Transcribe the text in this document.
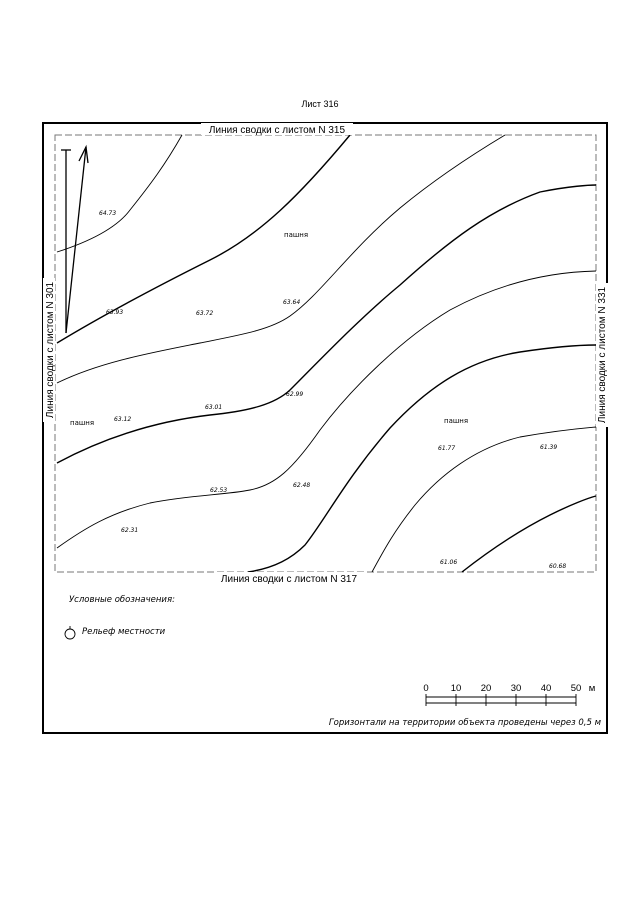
Лист 316
Линия сводки с листом N 315
Линия сводки с листом N 317
Линия сводки с листом N 301	Линия сводки с листом N 331
64.73
63.93	63.72
63.64
63.12
63.01
62.99
62.53
62.48
62.31
61.77	61.39
61.06
60.68
пашня
пашня	пашня
Условные обозначения:
Рельеф местности
0 10 20 30 40 50 м
Горизонтали на территории объекта проведены через 0,5 м
